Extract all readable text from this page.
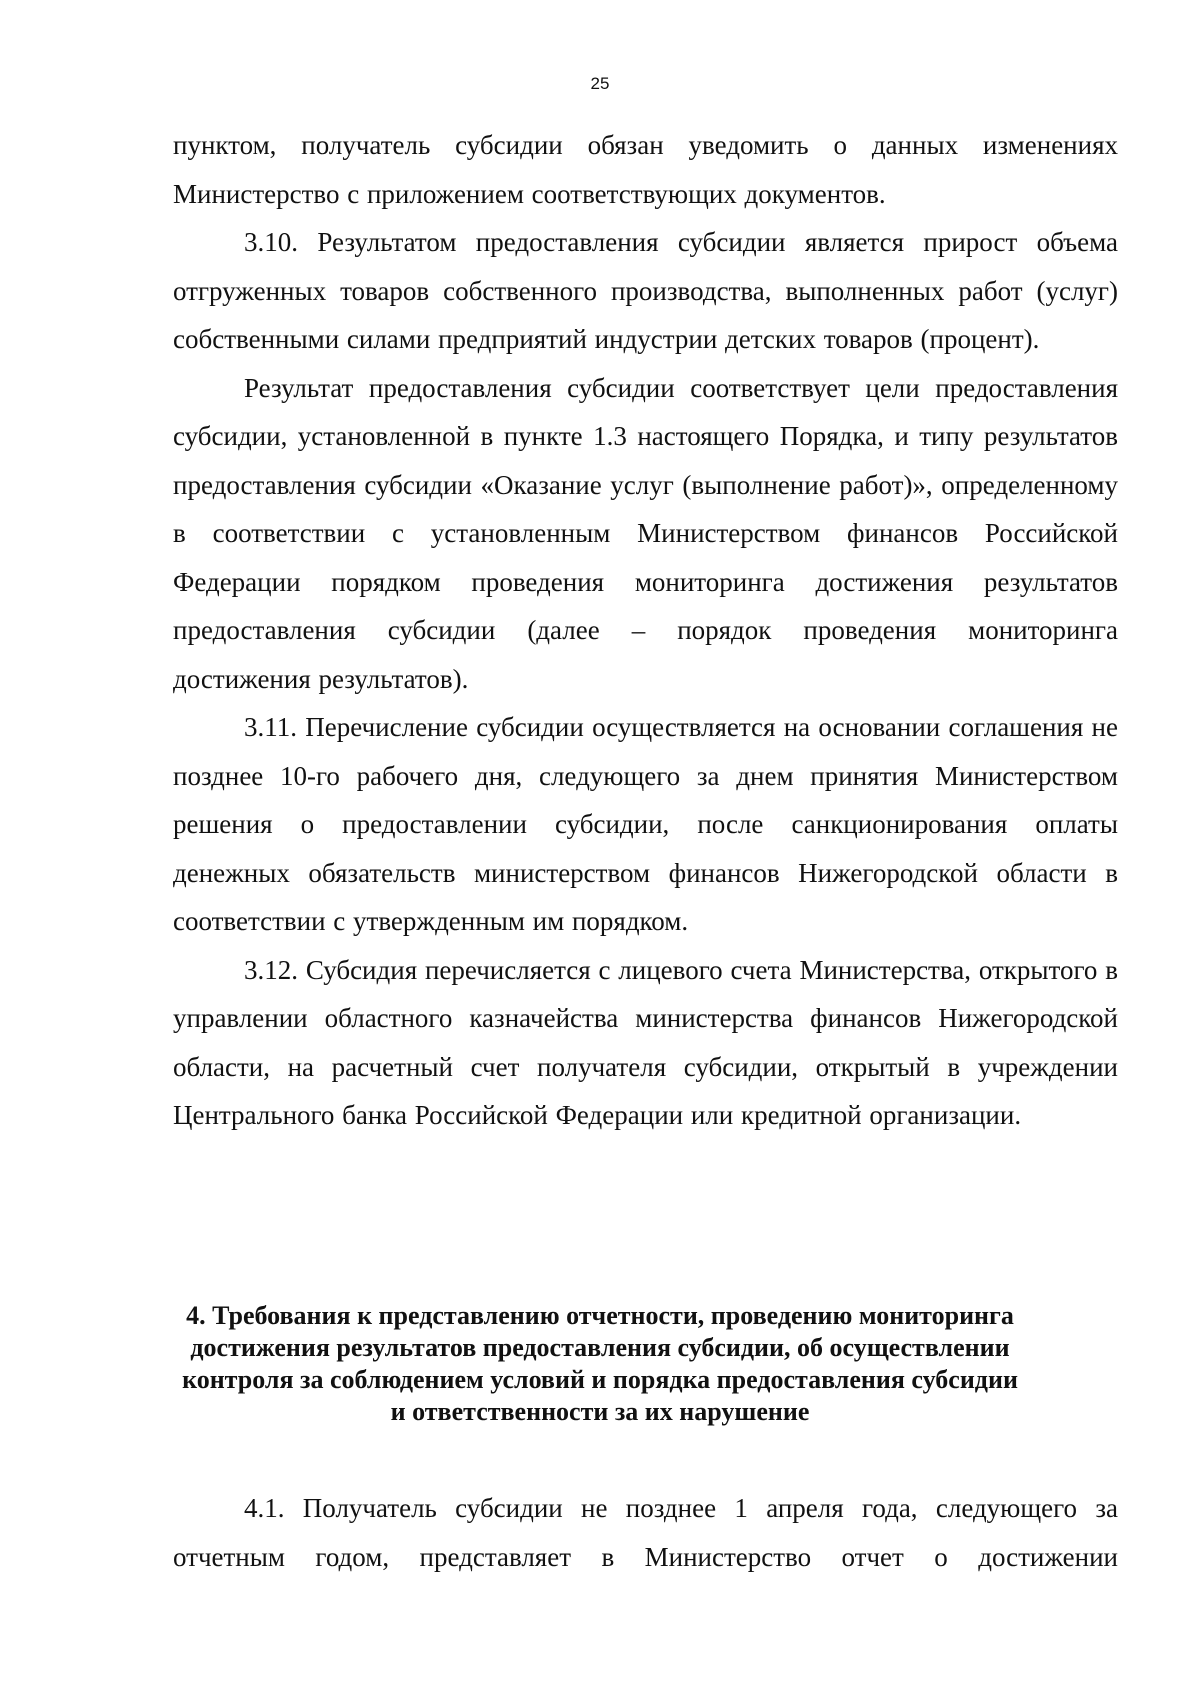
25

пунктом, получатель субсидии обязан уведомить о данных изменениях Министерство с приложением соответствующих документов.

3.10. Результатом предоставления субсидии является прирост объема отгруженных товаров собственного производства, выполненных работ (услуг) собственными силами предприятий индустрии детских товаров (процент).

Результат предоставления субсидии соответствует цели предоставления субсидии, установленной в пункте 1.3 настоящего Порядка, и типу результатов предоставления субсидии «Оказание услуг (выполнение работ)», определенному в соответствии с установленным Министерством финансов Российской Федерации порядком проведения мониторинга достижения результатов предоставления субсидии (далее – порядок проведения мониторинга достижения результатов).

3.11. Перечисление субсидии осуществляется на основании соглашения не позднее 10-го рабочего дня, следующего за днем принятия Министерством решения о предоставлении субсидии, после санкционирования оплаты денежных обязательств министерством финансов Нижегородской области в соответствии с утвержденным им порядком.

3.12. Субсидия перечисляется с лицевого счета Министерства, открытого в управлении областного казначейства министерства финансов Нижегородской области, на расчетный счет получателя субсидии, открытый в учреждении Центрального банка Российской Федерации или кредитной организации.

4. Требования к представлению отчетности, проведению мониторинга
достижения результатов предоставления субсидии, об осуществлении
контроля за соблюдением условий и порядка предоставления субсидии
и ответственности за их нарушение

4.1. Получатель субсидии не позднее 1 апреля года, следующего за отчетным годом, представляет в Министерство отчет о достижении
